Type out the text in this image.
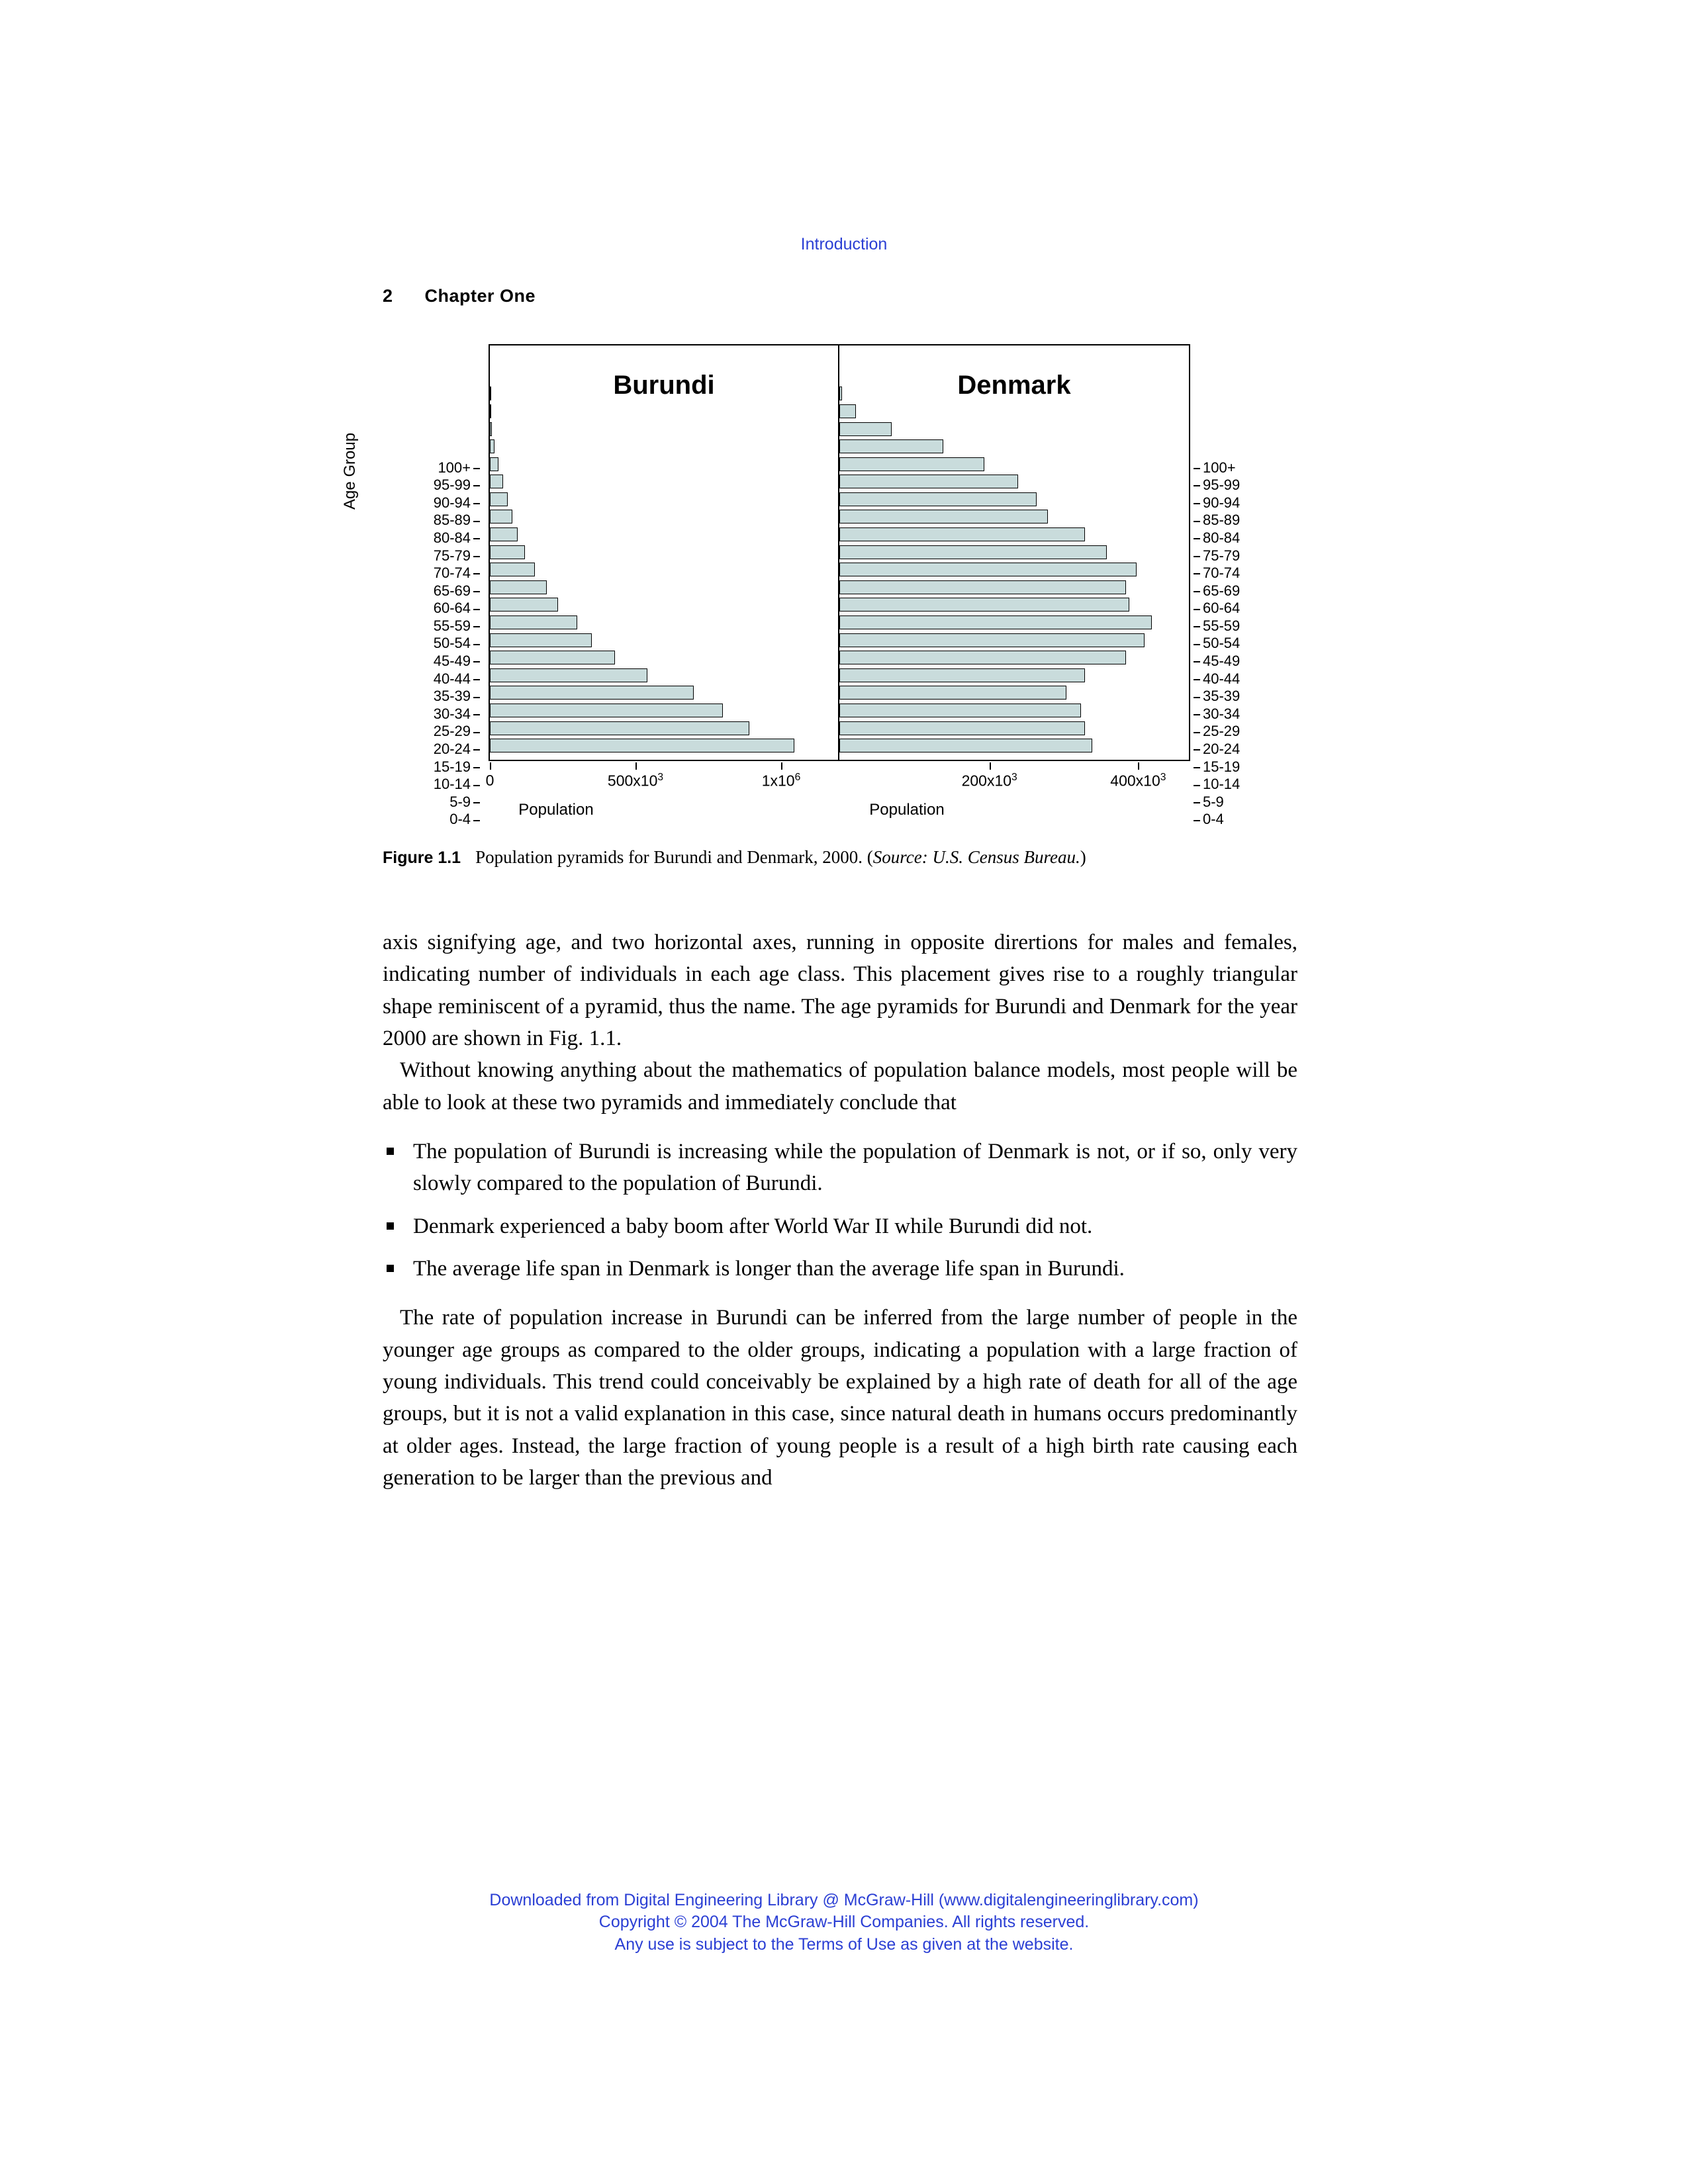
Introduction
2 Chapter One
Age Group
0-4
5-9
10-14
15-19
20-24
25-29
30-34
35-39
40-44
45-49
50-54
55-59
60-64
65-69
70-74
75-79
80-84
85-89
90-94
95-99
100+
0-4
5-9
10-14
15-19
20-24
25-29
30-34
35-39
40-44
45-49
50-54
55-59
60-64
65-69
70-74
75-79
80-84
85-89
90-94
95-99
100+
Burundi	Denmark
0	$500x10^3$	$1x10^6$	$200x10^3$	$400x10^3$
Population	Population
Figure 1.1 Population pyramids for Burundi and Denmark, 2000. (Source: U.S. Census Bureau.)

axis signifying age, and two horizontal axes, running in opposite dirertions for males and females, indicating number of individuals in each age class. This placement gives rise to a roughly triangular shape reminiscent of a pyramid, thus the name. The age pyramids for Burundi and Denmark for the year 2000 are shown in Fig. 1.1.

Without knowing anything about the mathematics of population balance models, most people will be able to look at these two pyramids and immediately conclude that

The population of Burundi is increasing while the population of Denmark is not, or if so, only very slowly compared to the population of Burundi.
Denmark experienced a baby boom after World War II while Burundi did not.
The average life span in Denmark is longer than the average life span in Burundi.

The rate of population increase in Burundi can be inferred from the large number of people in the younger age groups as compared to the older groups, indicating a population with a large fraction of young individuals. This trend could conceivably be explained by a high rate of death for all of the age groups, but it is not a valid explanation in this case, since natural death in humans occurs predominantly at older ages. Instead, the large fraction of young people is a result of a high birth rate causing each generation to be larger than the previous and

Downloaded from Digital Engineering Library @ McGraw-Hill (www.digitalengineeringlibrary.com)
Copyright © 2004 The McGraw-Hill Companies. All rights reserved.
Any use is subject to the Terms of Use as given at the website.
